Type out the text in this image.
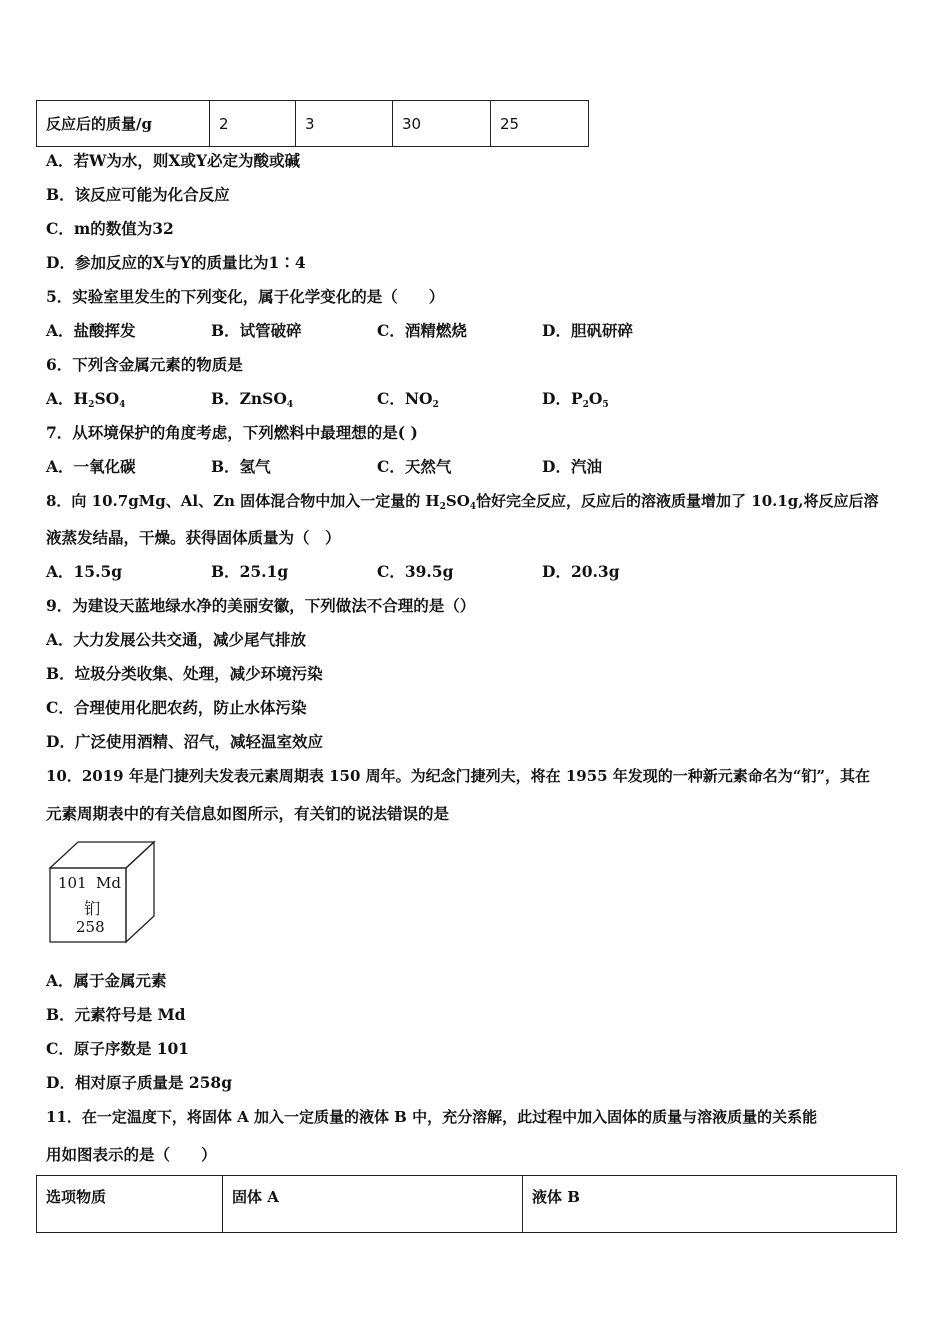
反应后的质量/g	2	3	30	25
A．若W为水，则X或Y必定为酸或碱
B．该反应可能为化合反应
C．m的数值为32
D．参加反应的X与Y的质量比为1∶4
5．实验室里发生的下列变化，属于化学变化的是（　　）
A．盐酸挥发	B．试管破碎	C．酒精燃烧	D．胆矾研碎
6．下列含金属元素的物质是
A．$H_2SO_4$	B．ZnSO$_4$	C．$NO_2$	D．$P_2O_5$
7．从环境保护的角度考虑，下列燃料中最理想的是( )
A．一氧化碳	B．氢气	C．天然气	D．汽油
8．向 10.7gMg、Al、Zn 固体混合物中加入一定量的 $H_2SO_4$恰好完全反应，反应后的溶液质量增加了 10.1g,将反应后溶
液蒸发结晶，干燥。获得固体质量为（　）
A．15.5g	B．25.1g	C．39.5g	D．20.3g
9．为建设天蓝地绿水净的美丽安徽，下列做法不合理的是（）
A．大力发展公共交通，减少尾气排放
B．垃圾分类收集、处理，减少环境污染
C．合理使用化肥农药，防止水体污染
D．广泛使用酒精、沼气，减轻温室效应
10．2019 年是门捷列夫发表元素周期表 150 周年。为纪念门捷列夫，将在 1955 年发现的一种新元素命名为“钔”，其在
元素周期表中的有关信息如图所示，有关钔的说法错误的是
101 Md
钔
258
A．属于金属元素
B．元素符号是 Md
C．原子序数是 101
D．相对原子质量是 258g
11．在一定温度下，将固体 A 加入一定质量的液体 B 中，充分溶解，此过程中加入固体的质量与溶液质量的关系能
用如图表示的是（　　）
选项物质	固体 A	液体 B
